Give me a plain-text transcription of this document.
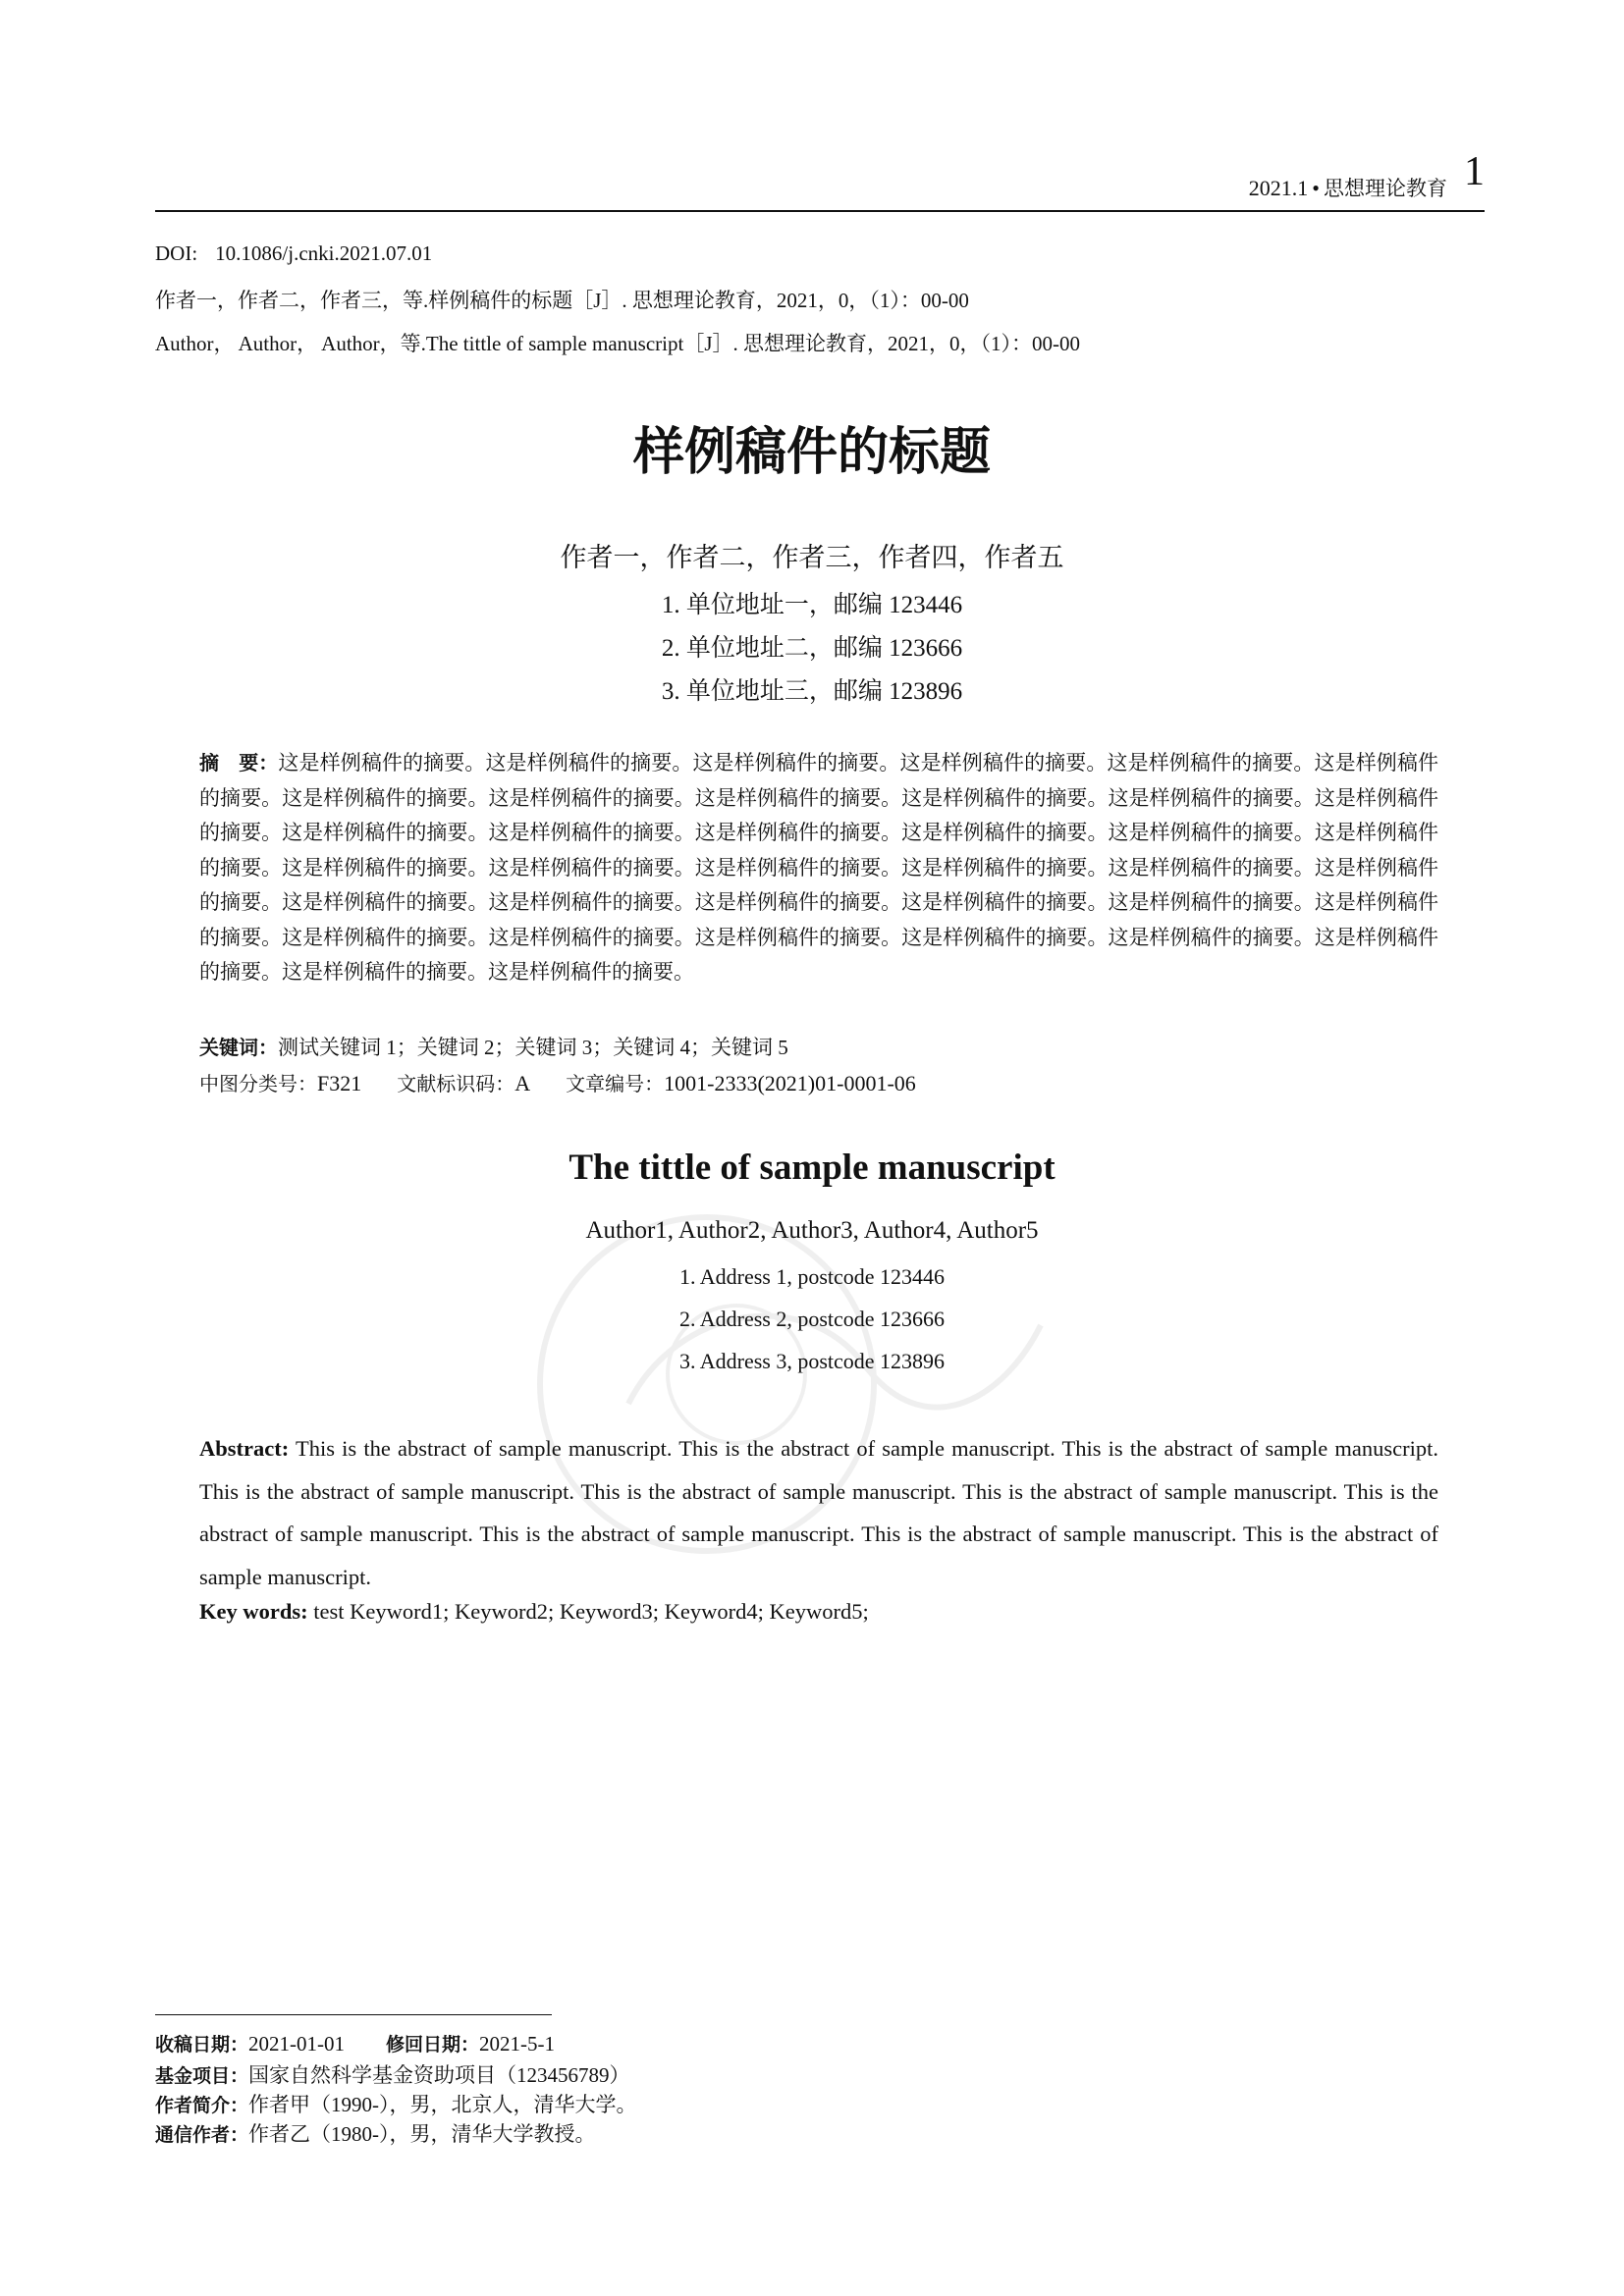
2021.1 • 思想理论教育 1
DOI: 10.1086/j.cnki.2021.07.01
作者一，作者二，作者三，等.样例稿件的标题［J］. 思想理论教育，2021，0，（1）：00-00
Author， Author， Author，等.The tittle of sample manuscript［J］. 思想理论教育，2021，0，（1）：00-00
样例稿件的标题
作者一，作者二，作者三，作者四，作者五
1. 单位地址一，邮编 123446
2. 单位地址二，邮编 123666
3. 单位地址三，邮编 123896
摘　要：这是样例稿件的摘要。这是样例稿件的摘要。这是样例稿件的摘要。这是样例稿件的摘要。这是样例稿件的摘要。这是样例稿件的摘要。这是样例稿件的摘要。这是样例稿件的摘要。这是样例稿件的摘要。这是样例稿件的摘要。这是样例稿件的摘要。这是样例稿件的摘要。这是样例稿件的摘要。这是样例稿件的摘要。这是样例稿件的摘要。这是样例稿件的摘要。这是样例稿件的摘要。这是样例稿件的摘要。这是样例稿件的摘要。这是样例稿件的摘要。这是样例稿件的摘要。这是样例稿件的摘要。这是样例稿件的摘要。这是样例稿件的摘要。这是样例稿件的摘要。这是样例稿件的摘要。这是样例稿件的摘要。这是样例稿件的摘要。这是样例稿件的摘要。这是样例稿件的摘要。这是样例稿件的摘要。这是样例稿件的摘要。这是样例稿件的摘要。这是样例稿件的摘要。这是样例稿件的摘要。这是样例稿件的摘要。这是样例稿件的摘要。这是样例稿件的摘要。
关键词：测试关键词 1；关键词 2；关键词 3；关键词 4；关键词 5
中图分类号：F321 文献标识码：A 文章编号：1001-2333(2021)01-0001-06
The tittle of sample manuscript
Author1, Author2, Author3, Author4, Author5
1. Address 1, postcode 123446
2. Address 2, postcode 123666
3. Address 3, postcode 123896
Abstract: This is the abstract of sample manuscript. This is the abstract of sample manuscript. This is the abstract of sample manuscript. This is the abstract of sample manuscript. This is the abstract of sample manuscript. This is the abstract of sample manuscript. This is the abstract of sample manuscript. This is the abstract of sample manuscript. This is the abstract of sample manuscript. This is the abstract of sample manuscript.
Key words: test Keyword1; Keyword2; Keyword3; Keyword4; Keyword5;
收稿日期：2021-01-01 修回日期：2021-5-1
基金项目：国家自然科学基金资助项目（123456789）
作者简介：作者甲（1990-），男，北京人，清华大学。
通信作者：作者乙（1980-），男，清华大学教授。
